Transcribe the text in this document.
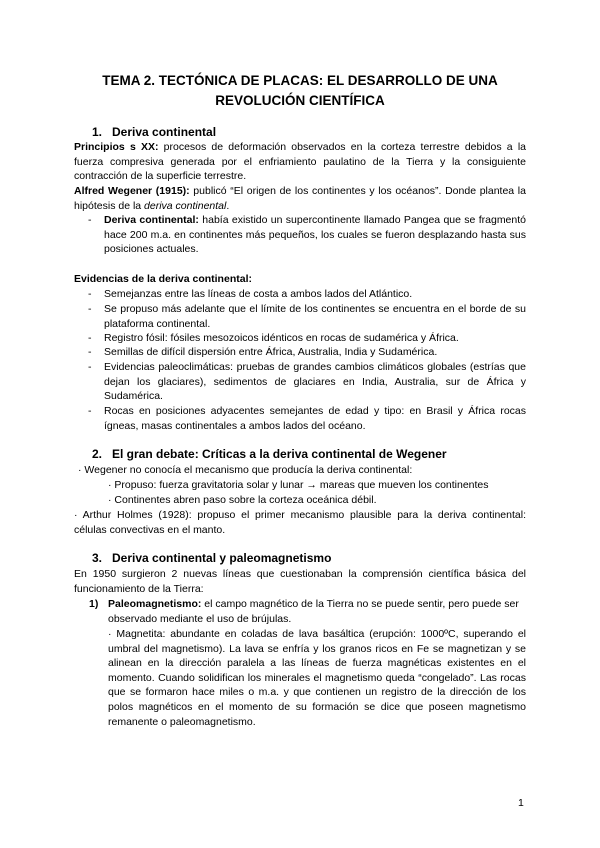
TEMA 2. TECTÓNICA DE PLACAS: EL DESARROLLO DE UNA
REVOLUCIÓN CIENTÍFICA
1. Deriva continental
Principios s XX: procesos de deformación observados en la corteza terrestre debidos a la fuerza compresiva generada por el enfriamiento paulatino de la Tierra y la consiguiente contracción de la superficie terrestre.
Alfred Wegener (1915): publicó “El origen de los continentes y los océanos”. Donde plantea la hipótesis de la deriva continental.
- Deriva continental: había existido un supercontinente llamado Pangea que se fragmentó hace 200 m.a. en continentes más pequeños, los cuales se fueron desplazando hasta sus posiciones actuales.
Evidencias de la deriva continental:
- Semejanzas entre las líneas de costa a ambos lados del Atlántico.
- Se propuso más adelante que el límite de los continentes se encuentra en el borde de su plataforma continental.
- Registro fósil: fósiles mesozoicos idénticos en rocas de sudamérica y África.
- Semillas de difícil dispersión entre África, Australia, India y Sudamérica.
- Evidencias paleoclimáticas: pruebas de grandes cambios climáticos globales (estrías que dejan los glaciares), sedimentos de glaciares en India, Australia, sur de África y Sudamérica.
- Rocas en posiciones adyacentes semejantes de edad y tipo: en Brasil y África rocas ígneas, masas continentales a ambos lados del océano.
2. El gran debate: Críticas a la deriva continental de Wegener
· Wegener no conocía el mecanismo que producía la deriva continental:
· Propuso: fuerza gravitatoria solar y lunar → mareas que mueven los continentes
· Continentes abren paso sobre la corteza oceánica débil.
· Arthur Holmes (1928): propuso el primer mecanismo plausible para la deriva continental: células convectivas en el manto.
3. Deriva continental y paleomagnetismo
En 1950 surgieron 2 nuevas líneas que cuestionaban la comprensión científica básica del funcionamiento de la Tierra:
1) Paleomagnetismo: el campo magnético de la Tierra no se puede sentir, pero puede ser observado mediante el uso de brújulas.
· Magnetita: abundante en coladas de lava basáltica (erupción: 1000ºC, superando el umbral del magnetismo). La lava se enfría y los granos ricos en Fe se magnetizan y se alinean en la dirección paralela a las líneas de fuerza magnéticas existentes en el momento. Cuando solidifican los minerales el magnetismo queda “congelado”. Las rocas que se formaron hace miles o m.a. y que contienen un registro de la dirección de los polos magnéticos en el momento de su formación se dice que poseen magnetismo remanente o paleomagnetismo.
1
